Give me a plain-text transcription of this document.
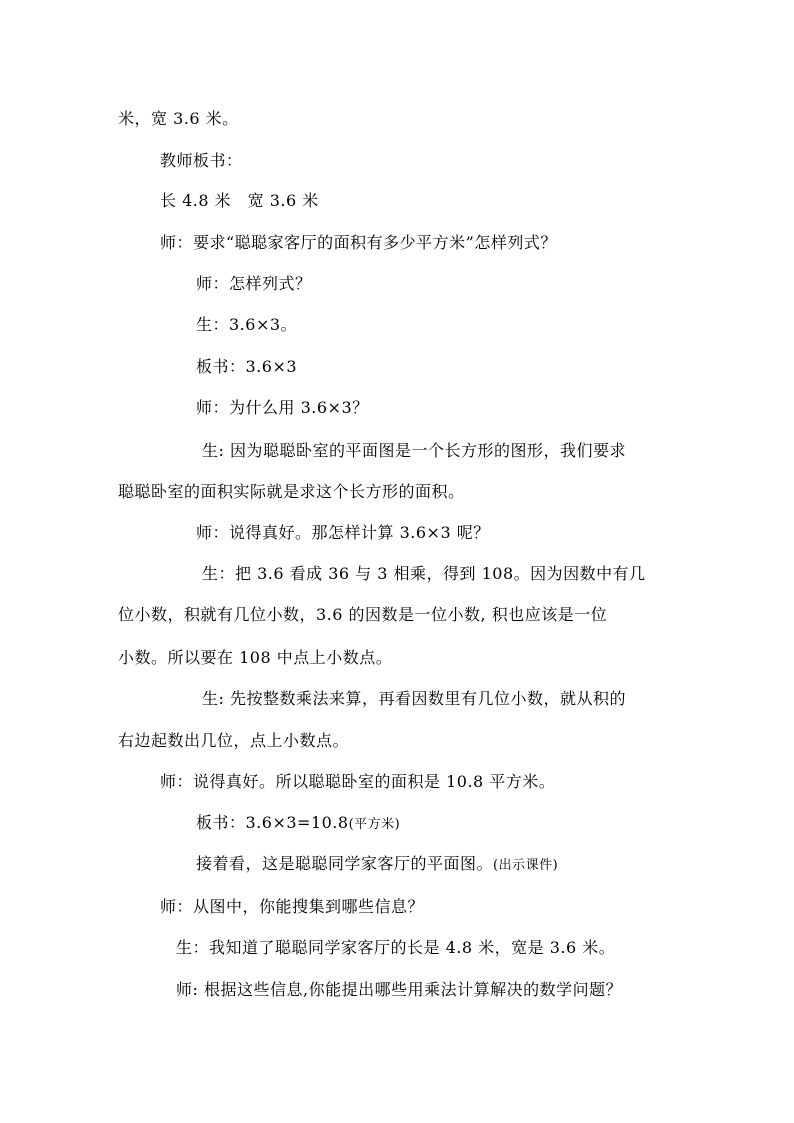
米，宽 3.6 米。
教师板书：
长 4.8 米　宽 3.6 米
师：要求“聪聪家客厅的面积有多少平方米”怎样列式？
师：怎样列式？
生：3.6×3。
板书：3.6×3
师：为什么用 3.6×3？
生: 因为聪聪卧室的平面图是一个长方形的图形，我们要求
聪聪卧室的面积实际就是求这个长方形的面积。
师：说得真好。那怎样计算 3.6×3 呢？
生：把 3.6 看成 36 与 3 相乘，得到 108。因为因数中有几
位小数，积就有几位小数，3.6 的因数是一位小数, 积也应该是一位
小数。所以要在 108 中点上小数点。
生: 先按整数乘法来算，再看因数里有几位小数，就从积的
右边起数出几位，点上小数点。
师：说得真好。所以聪聪卧室的面积是 10.8 平方米。
板书：3.6×3=10.8(平方米)
接着看，这是聪聪同学家客厅的平面图。(出示课件)
师：从图中，你能搜集到哪些信息？
生：我知道了聪聪同学家客厅的长是 4.8 米，宽是 3.6 米。
师: 根据这些信息,你能提出哪些用乘法计算解决的数学问题？
